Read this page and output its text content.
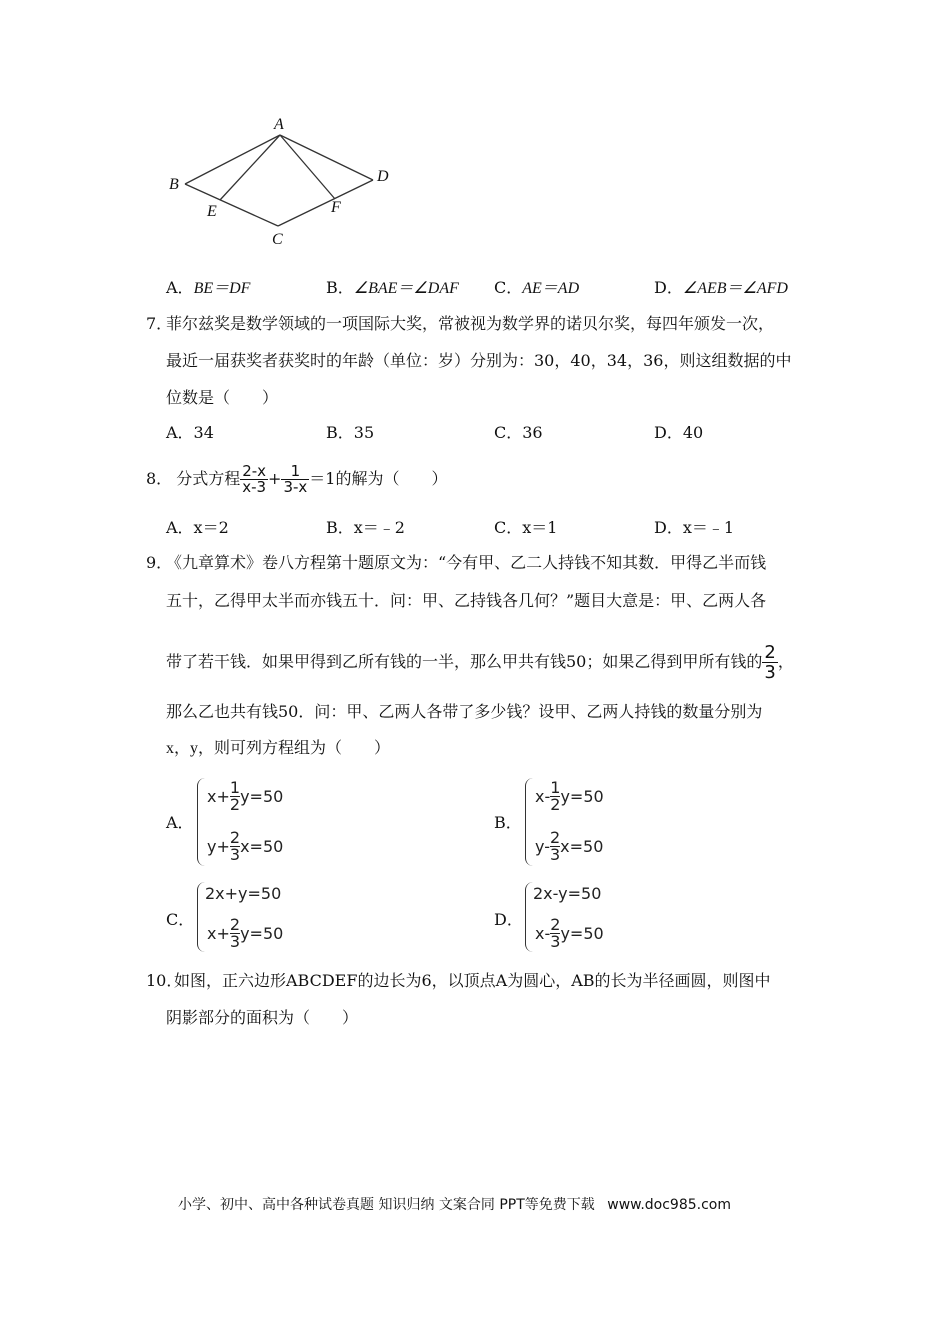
A
B	D
E	F
C
A．BE＝DF	B．∠BAE＝∠DAF C．AE＝AD	D．∠AEB＝∠AFD
7．
菲尔兹奖是数学领域的一项国际大奖，常被视为数学界的诺贝尔奖，每四年颁发一次，
最近一届获奖者获奖时的年龄（单位：岁）分别为：30，40，34，36，则这组数据的中
位数是（　　）
A．34	B．35	C．36	D．40
8． 分式方程 $\frac{2-x}{x-3} + \frac{1}{3-x} =1$的解为（　　）
A．x＝2	B．x＝﹣2	C．x＝1	D．x＝﹣1
9．
《九章算术》卷八方程第十题原文为：“今有甲、乙二人持钱不知其数．甲得乙半而钱
五十，乙得甲太半而亦钱五十．问：甲、乙持钱各几何？”题目大意是：甲、乙两人各
带了若干钱．如果甲得到乙所有钱的一半，那么甲共有钱50；如果乙得到甲所有钱的 $\frac{2}{3}$ ，
那么乙也共有钱50．问：甲、乙两人各带了多少钱？设甲、乙两人持钱的数量分别为
x，y，则可列方程组为（　　）
A．
$x+ \frac{1}{2} y=50$
$y+ \frac{2}{3} x=50$
B．
$x- \frac{1}{2} y=50$
$y- \frac{2}{3} x=50$
C．
2x+y=50
$x+ \frac{2}{3} y=50$
D．
2x-y=50
$x- \frac{2}{3} y=50$
10．
如图，正六边形ABCDEF的边长为6，以顶点A为圆心，AB的长为半径画圆，则图中
阴影部分的面积为（　　）
小学、初中、高中各种试卷真题 知识归纳 文案合同 PPT等免费下载 www.doc985.com
